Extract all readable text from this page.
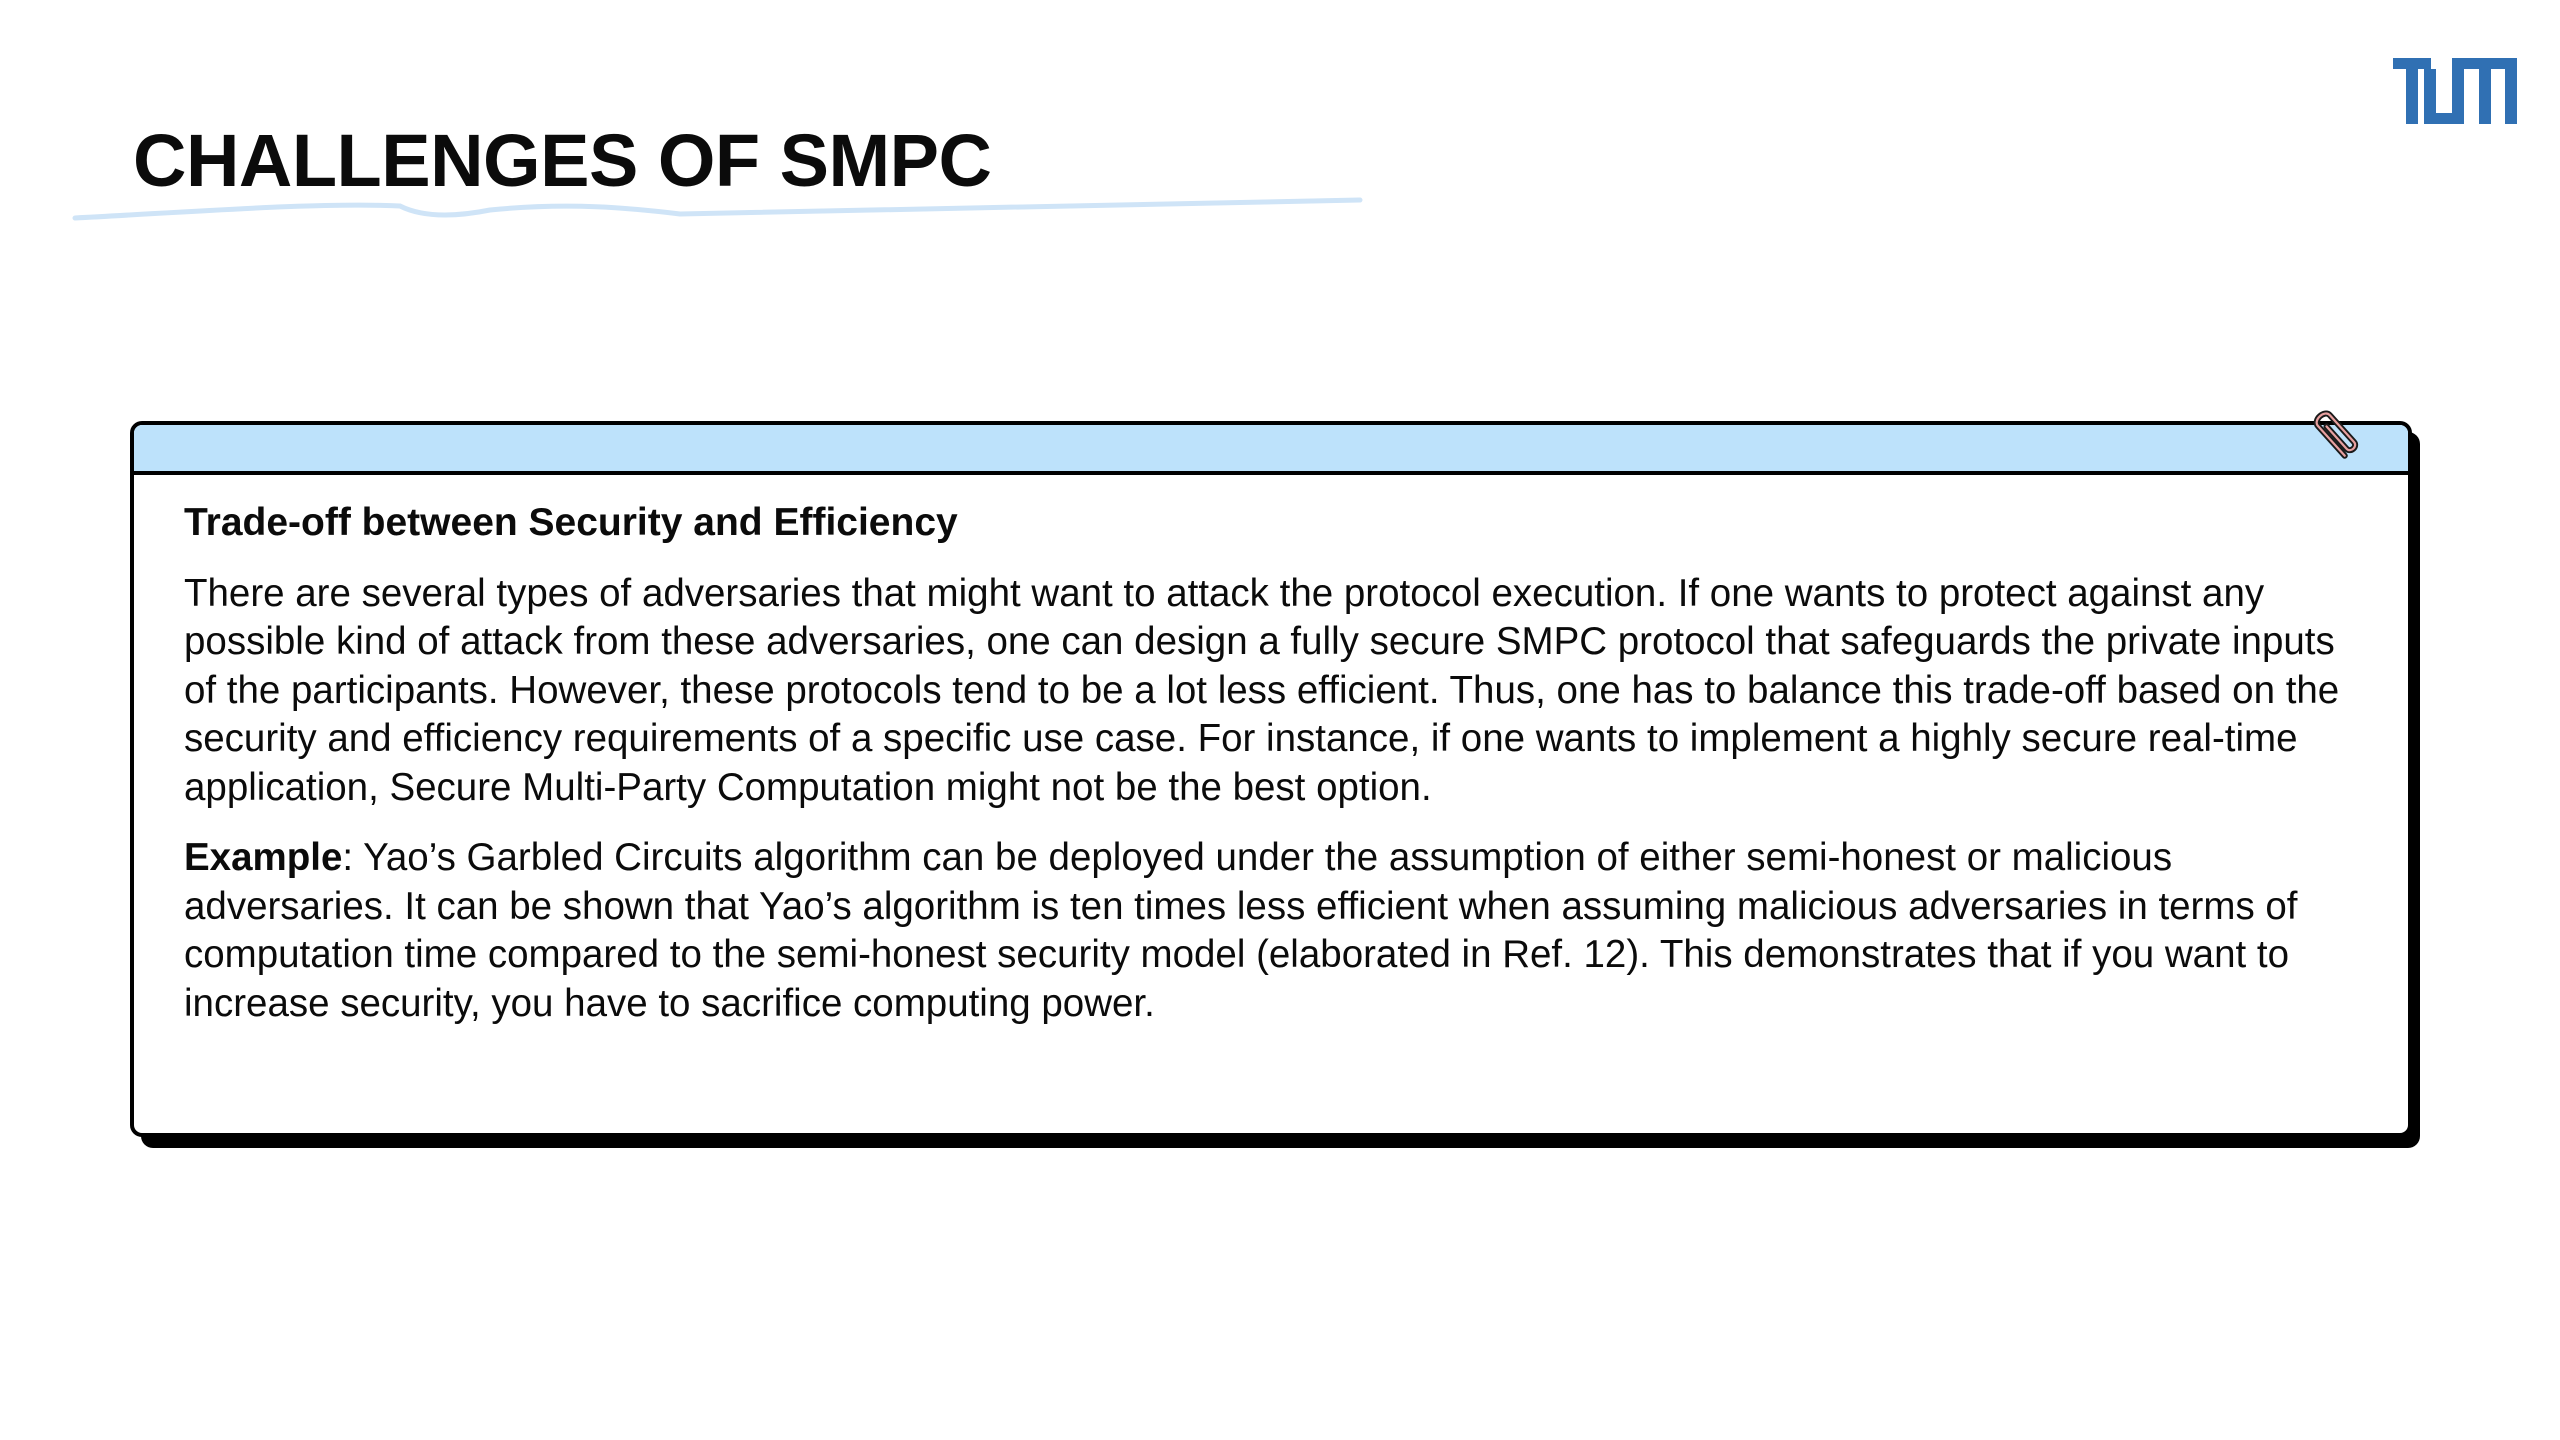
CHALLENGES OF SMPC
Trade-off between Security and Efficiency

There are several types of adversaries that might want to attack the protocol execution. If one wants to protect against any possible kind of attack from these adversaries, one can design a fully secure SMPC protocol that safeguards the private inputs of the participants. However, these protocols tend to be a lot less efficient. Thus, one has to balance this trade-off based on the security and efficiency requirements of a specific use case. For instance, if one wants to implement a highly secure real-time application, Secure Multi-Party Computation might not be the best option.

Example: Yao’s Garbled Circuits algorithm can be deployed under the assumption of either semi-honest or malicious adversaries. It can be shown that Yao’s algorithm is ten times less efficient when assuming malicious adversaries in terms of computation time compared to the semi-honest security model (elaborated in Ref. 12). This demonstrates that if you want to increase security, you have to sacrifice computing power.
